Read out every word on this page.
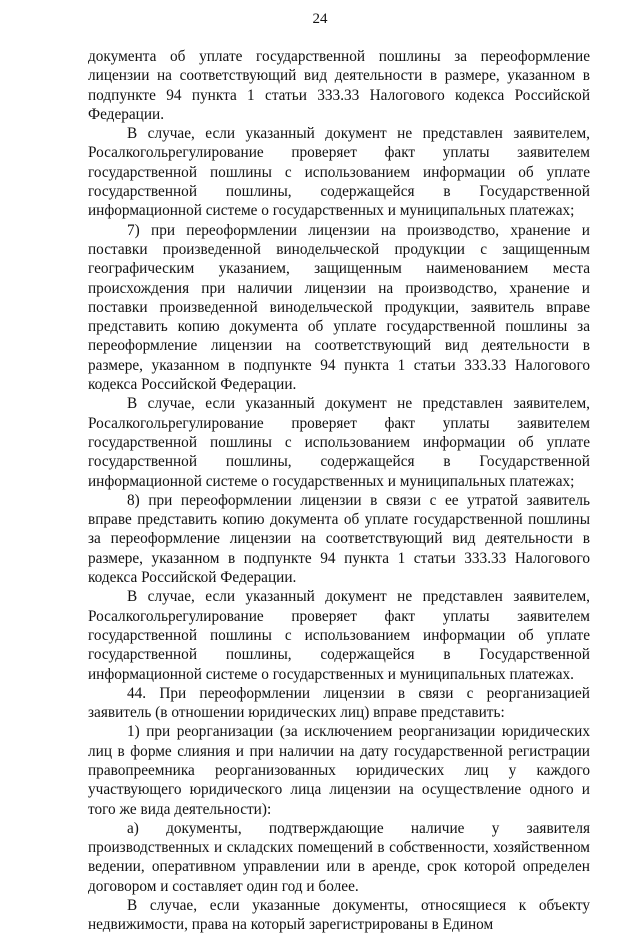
24

документа об уплате государственной пошлины за переоформление лицензии на соответствующий вид деятельности в размере, указанном в подпункте 94 пункта 1 статьи 333.33 Налогового кодекса Российской Федерации.

В случае, если указанный документ не представлен заявителем, Росалкогольрегулирование проверяет факт уплаты заявителем государственной пошлины с использованием информации об уплате государственной пошлины, содержащейся в Государственной информационной системе о государственных и муниципальных платежах;

7) при переоформлении лицензии на производство, хранение и поставки произведенной винодельческой продукции с защищенным географическим указанием, защищенным наименованием места происхождения при наличии лицензии на производство, хранение и поставки произведенной винодельческой продукции, заявитель вправе представить копию документа об уплате государственной пошлины за переоформление лицензии на соответствующий вид деятельности в размере, указанном в подпункте 94 пункта 1 статьи 333.33 Налогового кодекса Российской Федерации.

В случае, если указанный документ не представлен заявителем, Росалкогольрегулирование проверяет факт уплаты заявителем государственной пошлины с использованием информации об уплате государственной пошлины, содержащейся в Государственной информационной системе о государственных и муниципальных платежах;

8) при переоформлении лицензии в связи с ее утратой заявитель вправе представить копию документа об уплате государственной пошлины за переоформление лицензии на соответствующий вид деятельности в размере, указанном в подпункте 94 пункта 1 статьи 333.33 Налогового кодекса Российской Федерации.

В случае, если указанный документ не представлен заявителем, Росалкогольрегулирование проверяет факт уплаты заявителем государственной пошлины с использованием информации об уплате государственной пошлины, содержащейся в Государственной информационной системе о государственных и муниципальных платежах.

44. При переоформлении лицензии в связи с реорганизацией заявитель (в отношении юридических лиц) вправе представить:

1) при реорганизации (за исключением реорганизации юридических лиц в форме слияния и при наличии на дату государственной регистрации правопреемника реорганизованных юридических лиц у каждого участвующего юридического лица лицензии на осуществление одного и того же вида деятельности):

а) документы, подтверждающие наличие у заявителя производственных и складских помещений в собственности, хозяйственном ведении, оперативном управлении или в аренде, срок которой определен договором и составляет один год и более.

В случае, если указанные документы, относящиеся к объекту недвижимости, права на который зарегистрированы в Едином
